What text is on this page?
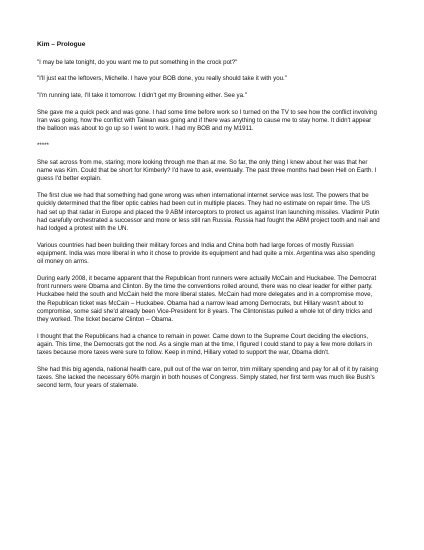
Kim – Prologue

"I may be late tonight, do you want me to put something in the crock pot?"

"I'll just eat the leftovers, Michelle. I have your BOB done, you really should take it with you."

"I'm running late, I'll take it tomorrow. I didn't get my Browning either. See ya."

She gave me a quick peck and was gone. I had some time before work so I turned on the TV to see how the conflict involving Iran was going, how the conflict with Taiwan was going and if there was anything to cause me to stay home. It didn't appear the balloon was about to go up so I went to work. I had my BOB and my M1911.

*****

She sat across from me, staring; more looking through me than at me. So far, the only thing I knew about her was that her name was Kim. Could that be short for Kimberly? I'd have to ask, eventually. The past three months had been Hell on Earth. I guess I'd better explain.

The first clue we had that something had gone wrong was when international internet service was lost. The powers that be quickly determined that the fiber optic cables had been cut in multiple places. They had no estimate on repair time. The US had set up that radar in Europe and placed the 9 ABM interceptors to protect us against Iran launching missiles. Vladimir Putin had carefully orchestrated a successor and more or less still ran Russia. Russia had fought the ABM project tooth and nail and had lodged a protest with the UN.

Various countries had been building their military forces and India and China both had large forces of mostly Russian equipment. India was more liberal in who it chose to provide its equipment and had quite a mix. Argentina was also spending oil money on arms.

During early 2008, it became apparent that the Republican front runners were actually McCain and Huckabee. The Democrat front runners were Obama and Clinton. By the time the conventions rolled around, there was no clear leader for either party. Huckabee held the south and McCain held the more liberal states. McCain had more delegates and in a compromise move, the Republican ticket was McCain – Huckabee. Obama had a narrow lead among Democrats, but Hillary wasn't about to compromise, some said she'd already been Vice-President for 8 years. The Clintonistas pulled a whole lot of dirty tricks and they worked. The ticket became Clinton – Obama.

I thought that the Republicans had a chance to remain in power. Came down to the Supreme Court deciding the elections, again. This time, the Democrats got the nod. As a single man at the time, I figured I could stand to pay a few more dollars in taxes because more taxes were sure to follow. Keep in mind, Hillary voted to support the war, Obama didn't.

She had this big agenda, national health care, pull out of the war on terror, trim military spending and pay for all of it by raising taxes. She lacked the necessary 60% margin in both houses of Congress. Simply stated, her first term was much like Bush's second term, four years of stalemate.
